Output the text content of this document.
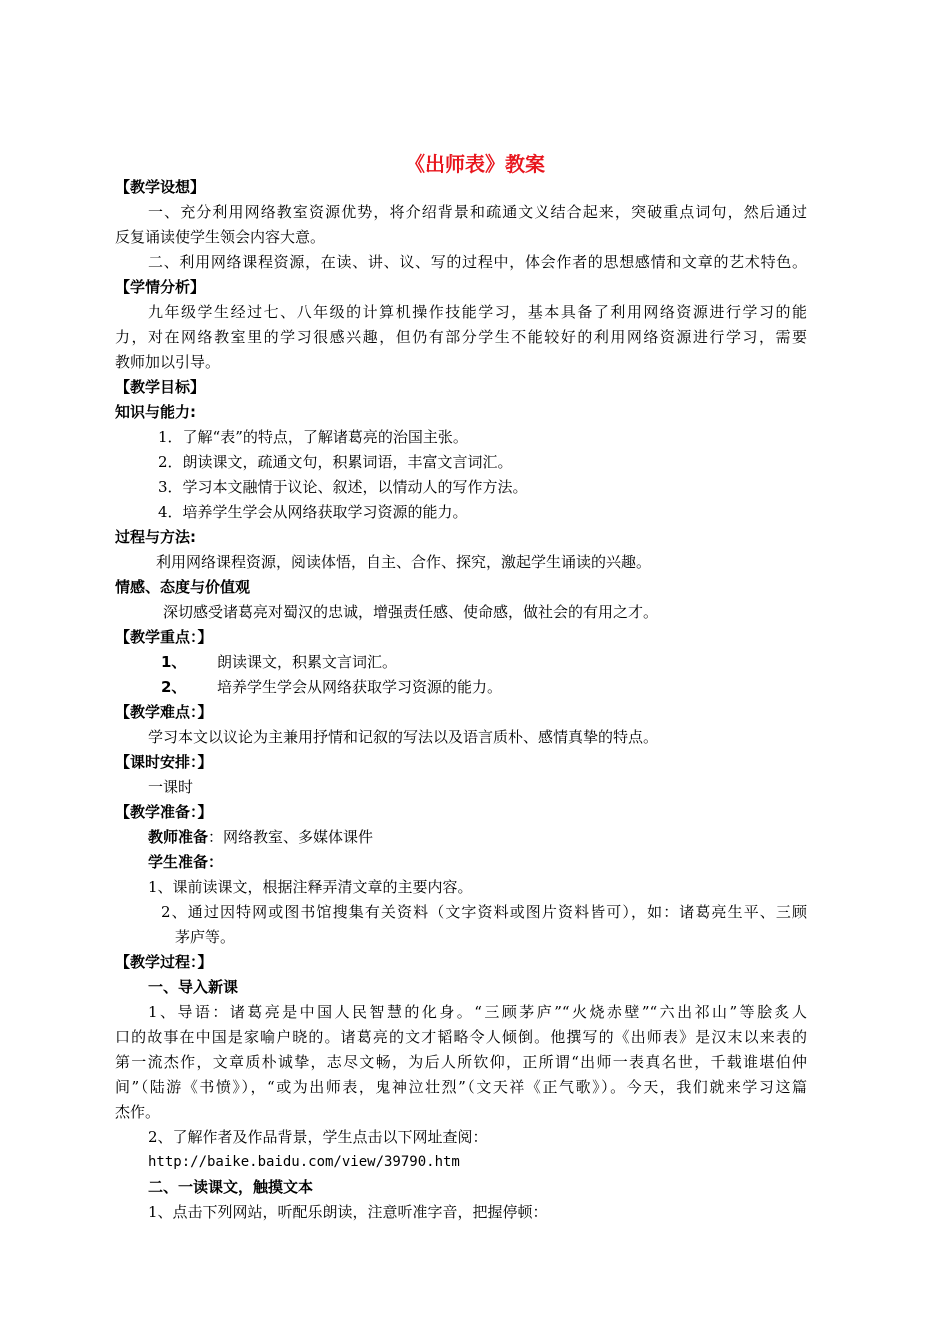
《出师表》教案
【教学设想】
一、充分利用网络教室资源优势，将介绍背景和疏通文义结合起来，突破重点词句，然后通过
反复诵读使学生领会内容大意。
二、利用网络课程资源，在读、讲、议、写的过程中，体会作者的思想感情和文章的艺术特色。
【学情分析】
九年级学生经过七、八年级的计算机操作技能学习，基本具备了利用网络资源进行学习的能
力，对在网络教室里的学习很感兴趣，但仍有部分学生不能较好的利用网络资源进行学习，需要
教师加以引导。
【教学目标】
知识与能力:
1．了解“表”的特点，了解诸葛亮的治国主张。
2．朗读课文，疏通文句，积累词语，丰富文言词汇。
3．学习本文融情于议论、叙述，以情动人的写作方法。
4．培养学生学会从网络获取学习资源的能力。
过程与方法:
利用网络课程资源，阅读体悟，自主、合作、探究，激起学生诵读的兴趣。
情感、态度与价值观
深切感受诸葛亮对蜀汉的忠诚，增强责任感、使命感，做社会的有用之才。
【教学重点：】
1、 朗读课文，积累文言词汇。
2、 培养学生学会从网络获取学习资源的能力。
【教学难点：】
学习本文以议论为主兼用抒情和记叙的写法以及语言质朴、感情真挚的特点。
【课时安排：】
一课时
【教学准备：】
教师准备：网络教室、多媒体课件
学生准备：
1、课前读课文，根据注释弄清文章的主要内容。
2、通过因特网或图书馆搜集有关资料（文字资料或图片资料皆可），如：诸葛亮生平、三顾
茅庐等。
【教学过程：】
一、导入新课
1、导语：诸葛亮是中国人民智慧的化身。“三顾茅庐”“火烧赤壁”“六出祁山”等脍炙人
口的故事在中国是家喻户晓的。诸葛亮的文才韬略令人倾倒。他撰写的《出师表》是汉末以来表的
第一流杰作，文章质朴诚挚，志尽文畅，为后人所钦仰，正所谓“出师一表真名世，千载谁堪伯仲
间”（陆游《书愤》），“或为出师表，鬼神泣壮烈”（文天祥《正气歌》）。今天，我们就来学习这篇
杰作。
2、了解作者及作品背景，学生点击以下网址查阅：
http://baike.baidu.com/view/39790.htm
二、一读课文，触摸文本
1、点击下列网站，听配乐朗读，注意听准字音，把握停顿：
